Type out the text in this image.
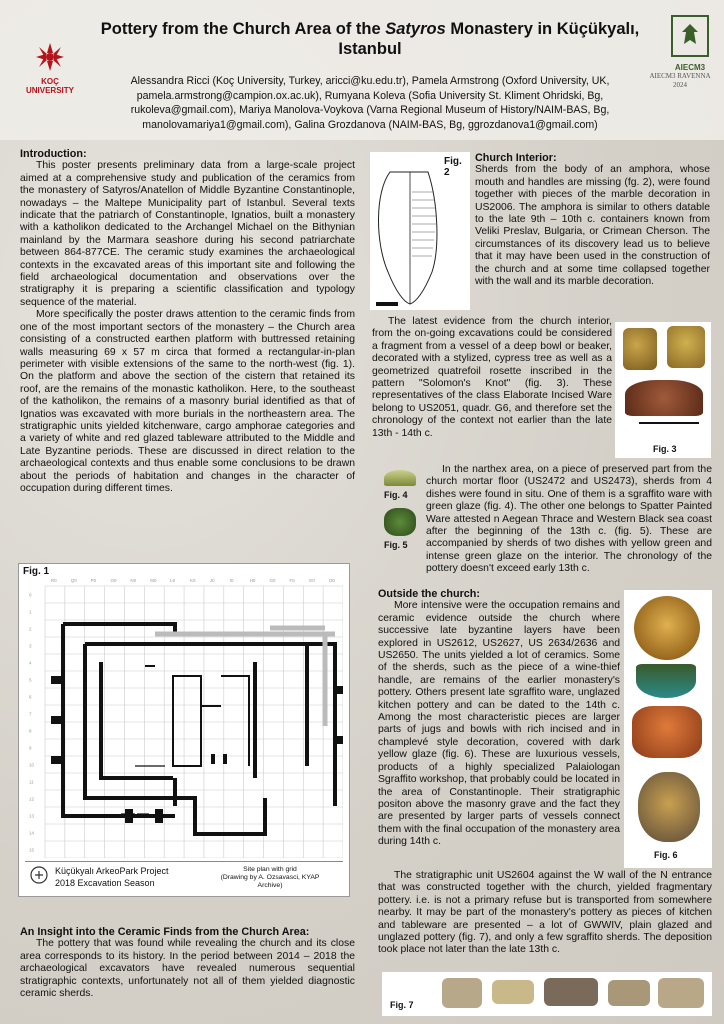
KOÇ
UNIVERSITY
Pottery from the Church Area of the Satyros Monastery in Küçükyalı,
Istanbul
Alessandra Ricci (Koç University, Turkey, aricci@ku.edu.tr), Pamela Armstrong (Oxford University, UK, pamela.armstrong@campion.ox.ac.uk), Rumyana Koleva (Sofia University St. Kliment Ohridski, Bg, rukoleva@gmail.com), Mariya Manolova-Voykova (Varna Regional Museum of History/NAIM-BAS, Bg, manolovamariya1@gmail.com), Galina Grozdanova (NAIM-BAS, Bg, ggrozdanova1@gmail.com)
AIECM3
AIECM3 RAVENNA
2024

Introduction:

This poster presents preliminary data from a large-scale project aimed at a comprehensive study and publication of the ceramics from the monastery of Satyros/Anatellon of Middle Byzantine Constantinople, nowadays – the Maltepe Municipality part of Istanbul. Several texts indicate that the patriarch of Constantinople, Ignatios, built a monastery with a katholikon dedicated to the Archangel Michael on the Bithynian mainland by the Marmara seashore during his second patriarchate between 864-877CE. The ceramic study examines the archaeological contexts in the excavated areas of this important site and following the field archaeological documentation and observations over the stratigraphy it is preparing a scientific classification and typology sequence of the material.

More specifically the poster draws attention to the ceramic finds from one of the most important sectors of the monastery – the Church area consisting of a constructed earthen platform with buttressed retaining walls measuring 69 x 57 m circa that formed a rectangular-in-plan perimeter with visible extensions of the same to the north-west (fig. 1). On the platform and above the section of the cistern that retained its roof, are the remains of the monastic katholikon. Here, to the southeast of the katholikon, the remains of a masonry burial identified as that of Ignatios was excavated with more burials in the northeastern area. The stratigraphic units yielded kitchenware, cargo amphorae categories and a variety of white and red glazed tableware attributed to the Middle and Late Byzantine periods. These are discussed in direct relation to the archaeological contexts and thus enable some conclusions to be drawn about the periods of habitation and changes in the character of occupation during different times.

Fig. 1
R0	Q0	P0	O0	N0	M0	L0	K0	J0	I0	H0	G0	F0	E0	D0
0
1
2
3
4
5
6
7
8
9
10
11
12
13
14
15
Küçükyalı ArkeoPark Project
2018 Excavation Season
Site plan with grid
(Drawing by A. Ozsavasci, KYAP Archive)

An Insight into the Ceramic Finds from the Church Area:

The pottery that was found while revealing the church and its close area corresponds to its history. In the period between 2014 – 2018 the archaeological excavators have revealed numerous sequential stratigraphic contexts, unfortunately not all of them yielded diagnostic ceramic sherds.

Fig. 2

Church Interior:

Sherds from the body of an amphora, whose mouth and handles are missing (fg. 2), were found together with pieces of the marble decoration in US2006. The amphora is similar to others datable to the late 9th – 10th c. containers known from Veliki Preslav, Bulgaria, or Crimean Cherson. The circumstances of its discovery lead us to believe that it may have been used in the construction of the church and at some time collapsed together with the wall and its marble decoration.

The latest evidence from the church interior, from the on-going excavations could be considered a fragment from a vessel of a deep bowl or beaker, decorated with a stylized, cypress tree as well as a geometrized quatrefoil rosette inscribed in the pattern "Solomon's Knot" (fig. 3). These representatives of the class Elaborate Incised Ware belong to US2051, quadr. G6, and therefore set the chronology of the context not earlier than the late 13th - 14th c.

Fig. 3
Fig. 4
Fig. 5

In the narthex area, on a piece of preserved part from the church mortar floor (US2472 and US2473), sherds from 4 dishes were found in situ. One of them is a sgraffito ware with green glaze (fig. 4). The other one belongs to Spatter Painted Ware attested n Aegean Thrace and Western Black sea coast after the beginning of the 13th c. (fig. 5). These are accompanied by sherds of two dishes with yellow green and intense green glaze on the interior. The chronology of the pottery doesn't exceed early 13th c.

Outside the church:

More intensive were the occupation remains and ceramic evidence outside the church where successive late byzantine layers have been explored in US2612, US2627, US 2634/2636 and US2650. The units yielded a lot of ceramics. Some of the sherds, such as the piece of a wine-thief handle, are remains of the earlier monastery's pottery. Others present late sgraffito ware, unglazed kitchen pottery and can be dated to the 14th c. Among the most characteristic pieces are larger parts of jugs and bowls with rich incised and in champlevé style decoration, covered with dark yellow glaze (fig. 6). These are luxurious vessels, products of a highly specialized Palaiologan Sgraffito workshop, that probably could be located in the area of Constantinople. Their stratigraphic positon above the masonry grave and the fact they are presented by larger parts of vessels connect them with the final occupation of the monastery area during 14th c.

Fig. 6

The stratigraphic unit US2604 against the W wall of the N entrance that was constructed together with the church, yielded fragmentary pottery. i.e. is not a primary refuse but is transported from somewhere nearby. It may be part of the monastery's pottery as pieces of kitchen and tableware are presented – a lot of GWWIV, plain glazed and unglazed pottery (fig. 7), and only a few sgraffito sherds. The deposition took place not later than the late 13th c.

Fig. 7
